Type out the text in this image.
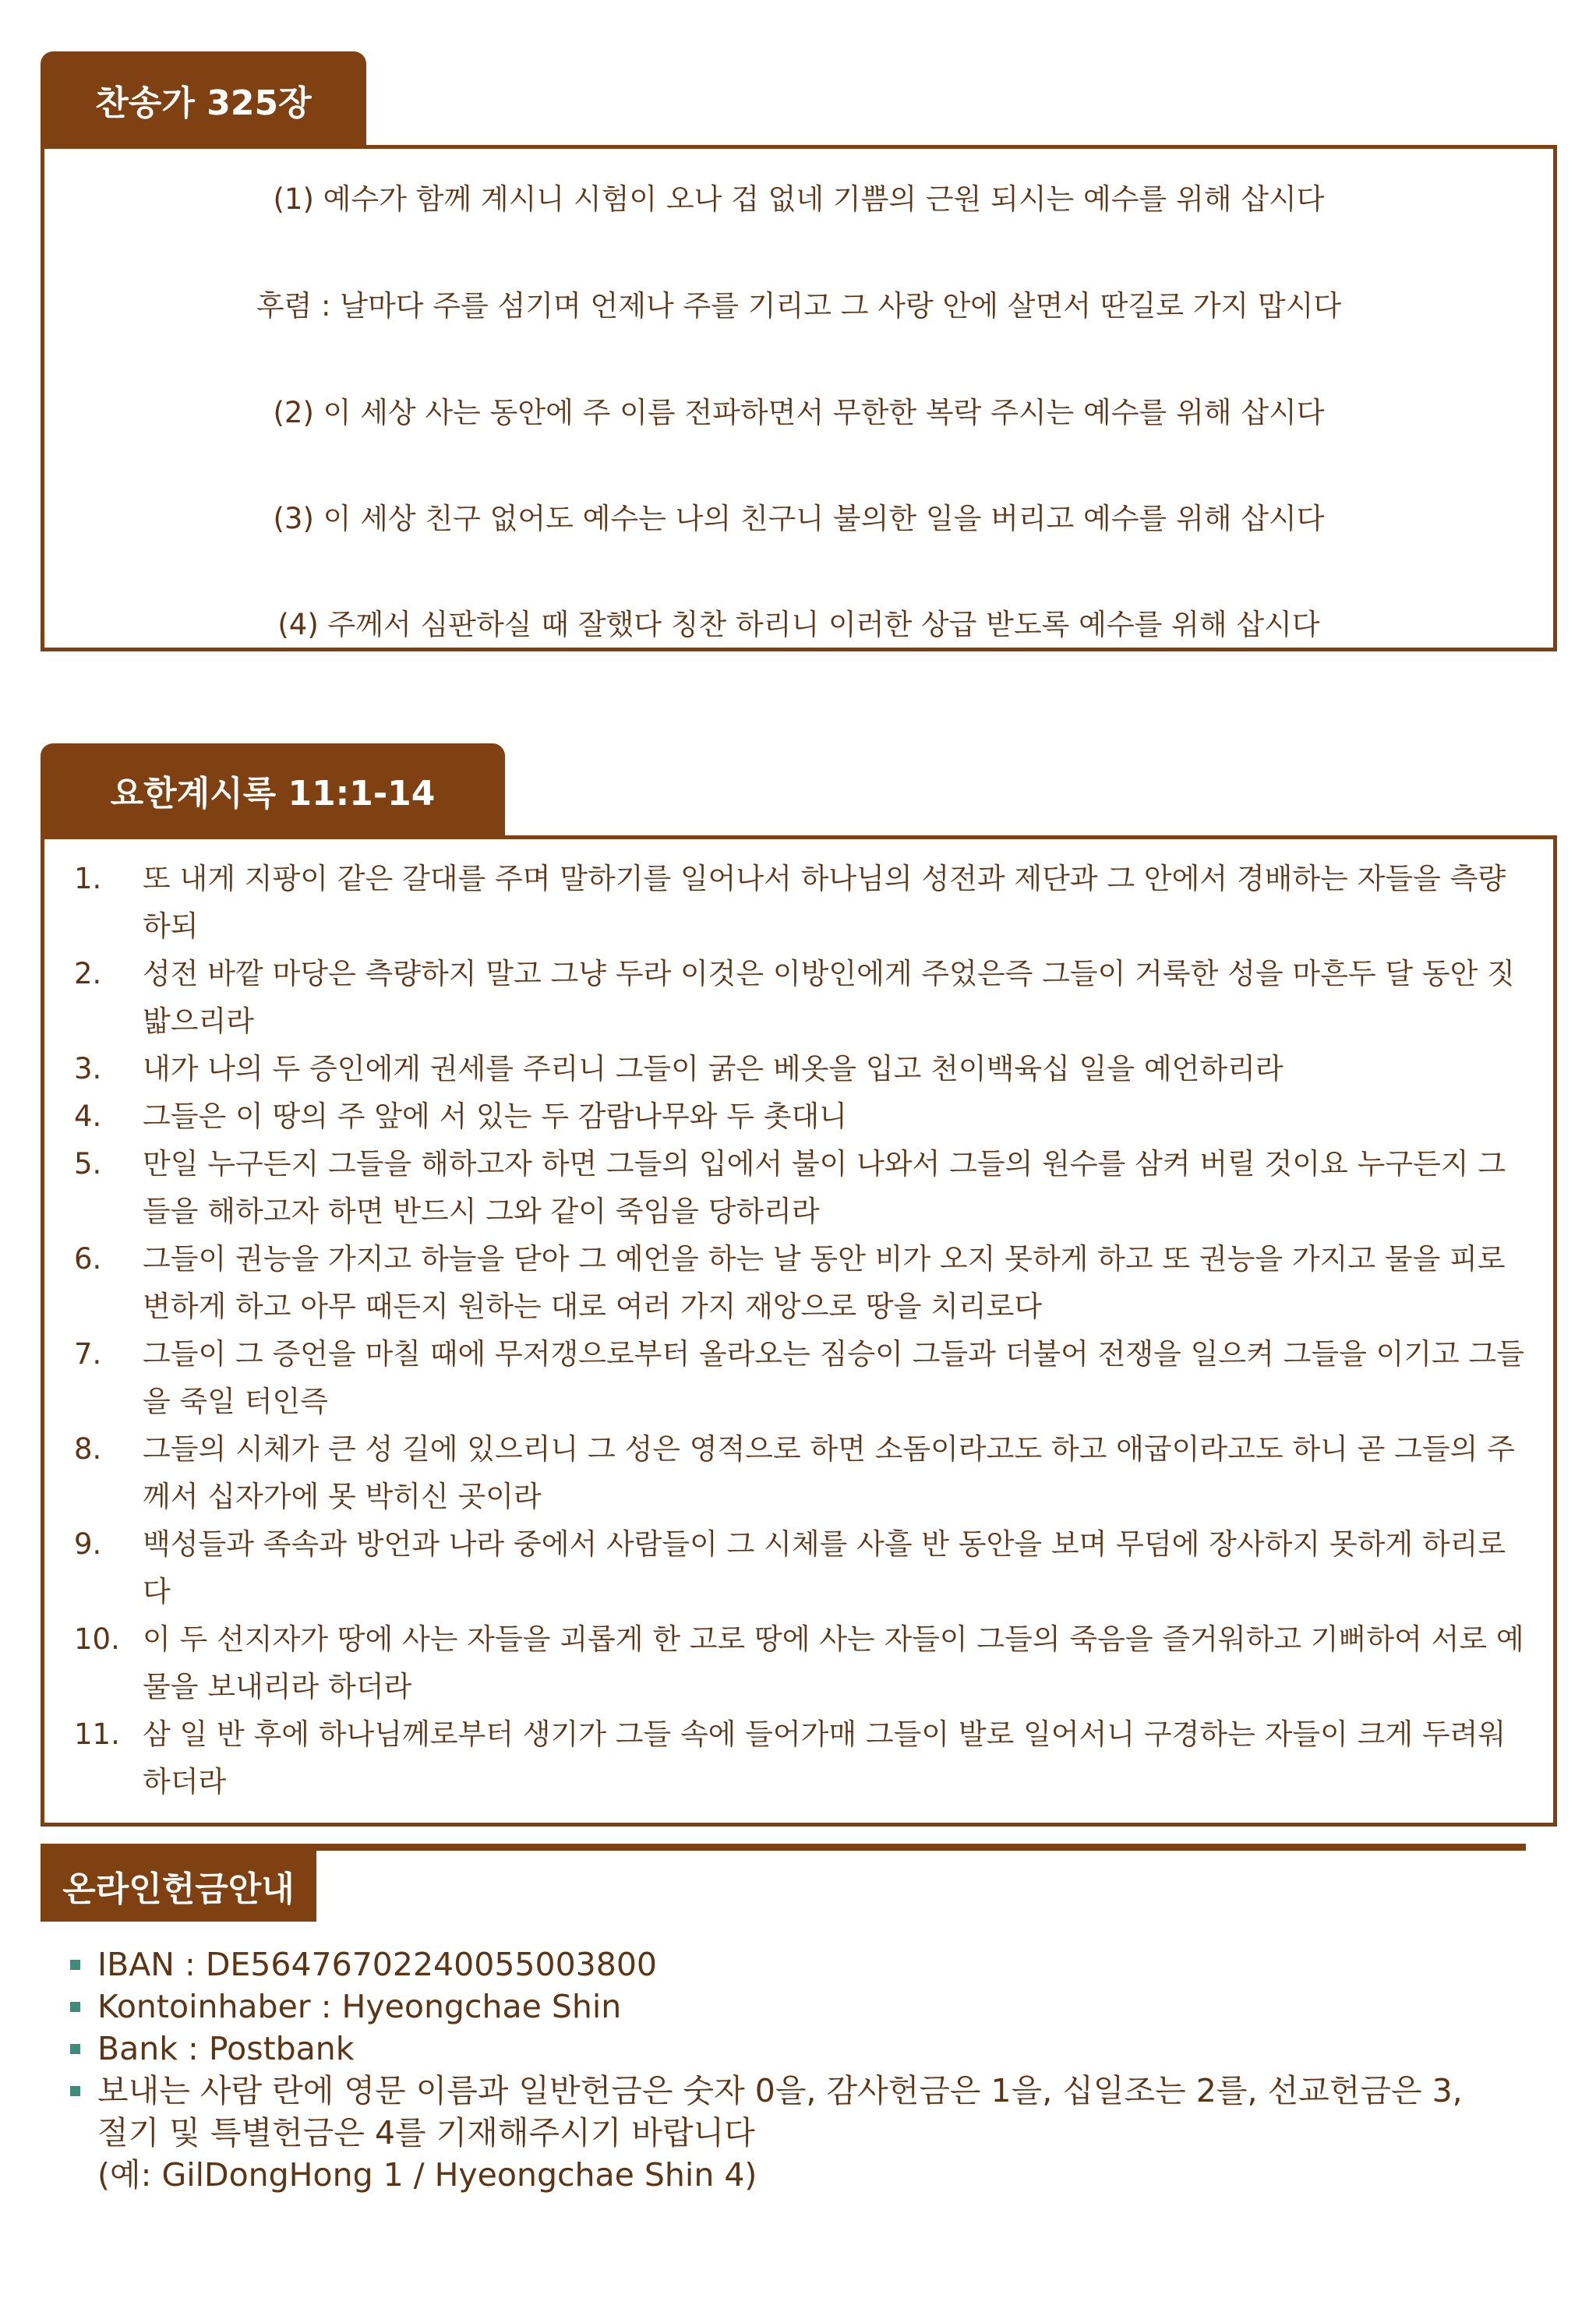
찬송가 325장
(1) 예수가 함께 계시니 시험이 오나 겁 없네 기쁨의 근원 되시는 예수를 위해 삽시다
후렴 : 날마다 주를 섬기며 언제나 주를 기리고 그 사랑 안에 살면서 딴길로 가지 맙시다
(2) 이 세상 사는 동안에 주 이름 전파하면서 무한한 복락 주시는 예수를 위해 삽시다
(3) 이 세상 친구 없어도 예수는 나의 친구니 불의한 일을 버리고 예수를 위해 삽시다
(4) 주께서 심판하실 때 잘했다 칭찬 하리니 이러한 상급 받도록 예수를 위해 삽시다
요한계시록 11:1-14
1.	또 내게 지팡이 같은 갈대를 주며 말하기를 일어나서 하나님의 성전과 제단과 그 안에서 경배하는 자들을 측량
하되
2.	성전 바깥 마당은 측량하지 말고 그냥 두라 이것은 이방인에게 주었은즉 그들이 거룩한 성을 마흔두 달 동안 짓
밟으리라
3.	내가 나의 두 증인에게 권세를 주리니 그들이 굵은 베옷을 입고 천이백육십 일을 예언하리라
4.	그들은 이 땅의 주 앞에 서 있는 두 감람나무와 두 촛대니
5.	만일 누구든지 그들을 해하고자 하면 그들의 입에서 불이 나와서 그들의 원수를 삼켜 버릴 것이요 누구든지 그
들을 해하고자 하면 반드시 그와 같이 죽임을 당하리라
6.	그들이 권능을 가지고 하늘을 닫아 그 예언을 하는 날 동안 비가 오지 못하게 하고 또 권능을 가지고 물을 피로
변하게 하고 아무 때든지 원하는 대로 여러 가지 재앙으로 땅을 치리로다
7.	그들이 그 증언을 마칠 때에 무저갱으로부터 올라오는 짐승이 그들과 더불어 전쟁을 일으켜 그들을 이기고 그들
을 죽일 터인즉
8.	그들의 시체가 큰 성 길에 있으리니 그 성은 영적으로 하면 소돔이라고도 하고 애굽이라고도 하니 곧 그들의 주
께서 십자가에 못 박히신 곳이라
9.	백성들과 족속과 방언과 나라 중에서 사람들이 그 시체를 사흘 반 동안을 보며 무덤에 장사하지 못하게 하리로
다
10. 이 두 선지자가 땅에 사는 자들을 괴롭게 한 고로 땅에 사는 자들이 그들의 죽음을 즐거워하고 기뻐하여 서로 예
물을 보내리라 하더라
11. 삼 일 반 후에 하나님께로부터 생기가 그들 속에 들어가매 그들이 발로 일어서니 구경하는 자들이 크게 두려워
하더라
온라인헌금안내
IBAN : DE56476702240055003800
Kontoinhaber : Hyeongchae Shin
Bank : Postbank
보내는 사람 란에 영문 이름과 일반헌금은 숫자 0을, 감사헌금은 1을, 십일조는 2를, 선교헌금은 3,
절기 및 특별헌금은 4를 기재해주시기 바랍니다
(예: GilDongHong 1 / Hyeongchae Shin 4)
